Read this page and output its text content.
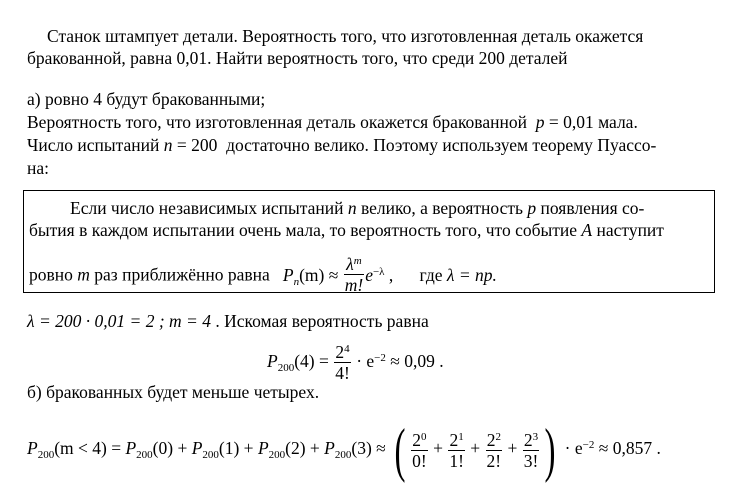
Станок штампует детали. Вероятность того, что изготовленная деталь окажется
бракованной, равна 0,01. Найти вероятность того, что среди 200 деталей
а) ровно 4 будут бракованными;
Вероятность того, что изготовленная деталь окажется бракованной p = 0,01 мала.
Число испытаний n = 200 достаточно велико. Поэтому используем теорему Пуассо-
на:
Если число независимых испытаний n велико, а вероятность p появления со-
бытия в каждом испытании очень мала, то вероятность того, что событие A наступит
ровно m раз приближённо равна $P_n(m) \approx \frac{\lambda^m}{m!} e^{-\lambda}$ ,      где λ = np.
λ = 200 · 0,01 = 2 ; m = 4 . Искомая вероятность равна
$P_{200}(4) = \frac{2^4}{4!} \cdot e^{-2} \approx 0,09$ .
б) бракованных будет меньше четырех.
$P_{200}(m < 4) = P_{200}(0) + P_{200}(1) + P_{200}(2) + P_{200}(3)$ ≈ ( $\frac{2^0}{0!} + \frac{2^1}{1!} + \frac{2^2}{2!} + \frac{2^3}{3!}$ ) · $e^{-2} \approx 0,857$ .
